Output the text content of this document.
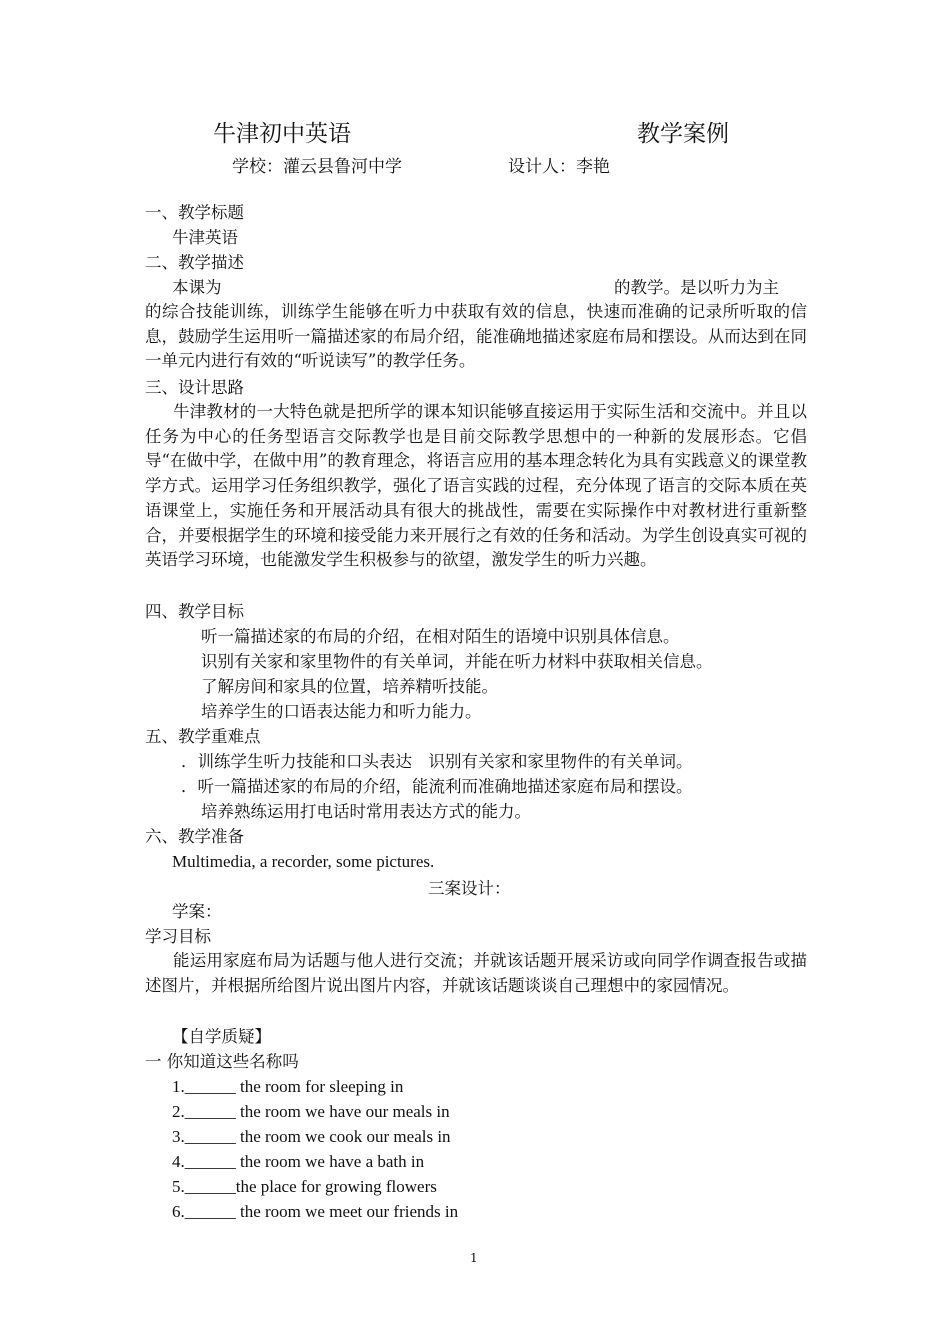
牛津初中英语	教学案例
学校：灌云县鲁河中学	设计人：李艳
一、教学标题
牛津英语
二、教学描述
本课为	的教学。是以听力为主
的综合技能训练，训练学生能够在听力中获取有效的信息，快速而准确的记录所听取的信息，鼓励学生运用听一篇描述家的布局介绍，能准确地描述家庭布局和摆设。从而达到在同一单元内进行有效的“听说读写”的教学任务。
三、设计思路
牛津教材的一大特色就是把所学的课本知识能够直接运用于实际生活和交流中。并且以任务为中心的任务型语言交际教学也是目前交际教学思想中的一种新的发展形态。它倡导“在做中学，在做中用”的教育理念，将语言应用的基本理念转化为具有实践意义的课堂教学方式。运用学习任务组织教学，强化了语言实践的过程，充分体现了语言的交际本质在英语课堂上，实施任务和开展活动具有很大的挑战性，需要在实际操作中对教材进行重新整合，并要根据学生的环境和接受能力来开展行之有效的任务和活动。为学生创设真实可视的英语学习环境，也能激发学生积极参与的欲望，激发学生的听力兴趣。
四、教学目标
听一篇描述家的布局的介绍，在相对陌生的语境中识别具体信息。
识别有关家和家里物件的有关单词，并能在听力材料中获取相关信息。
了解房间和家具的位置，培养精听技能。
培养学生的口语表达能力和听力能力。
五、教学重难点
．训练学生听力技能和口头表达　识别有关家和家里物件的有关单词。
．听一篇描述家的布局的介绍，能流利而准确地描述家庭布局和摆设。
培养熟练运用打电话时常用表达方式的能力。
六、教学准备
Multimedia, a recorder, some pictures.
三案设计：
学案：
学习目标
能运用家庭布局为话题与他人进行交流；并就该话题开展采访或向同学作调查报告或描述图片，并根据所给图片说出图片内容，并就该话题谈谈自己理想中的家园情况。
【自学质疑】
一 你知道这些名称吗
1.______ the room for sleeping in
2.______ the room we have our meals in
3.______ the room we cook our meals in
4.______ the room we have a bath in
5.______the place for growing flowers
6.______ the room we meet our friends in
1
